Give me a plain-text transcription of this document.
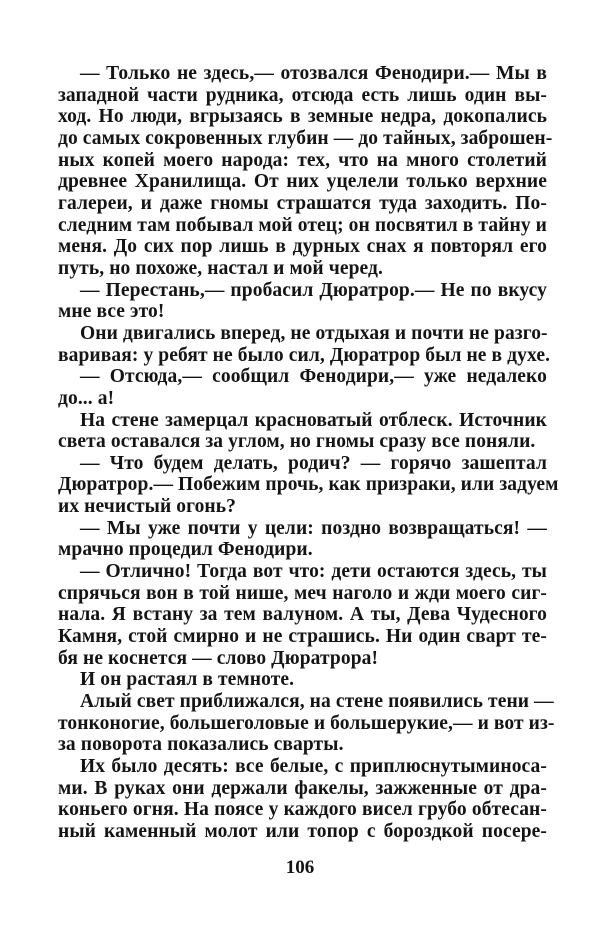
— Только не здесь,— отозвался Фенодири.— Мы в
западной части рудника, отсюда есть лишь один вы-
ход. Но люди, вгрызаясь в земные недра, докопались
до самых сокровенных глубин — до тайных, заброшен-
ных копей моего народа: тех, что на много столетий
древнее Хранилища. От них уцелели только верхние
галереи, и даже гномы страшатся туда заходить. По-
следним там побывал мой отец; он посвятил в тайну и
меня. До сих пор лишь в дурных снах я повторял его
путь, но похоже, настал и мой черед.
— Перестань,— пробасил Дюратрор.— Не по вкусу
мне все это!
Они двигались вперед, не отдыхая и почти не разго-
варивая: у ребят не было сил, Дюратрор был не в духе.
— Отсюда,— сообщил Фенодири,— уже недалеко
до... а!
На стене замерцал красноватый отблеск. Источник
света оставался за углом, но гномы сразу все поняли.
— Что будем делать, родич? — горячо зашептал
Дюратрор.— Побежим прочь, как призраки, или задуем
их нечистый огонь?
— Мы уже почти у цели: поздно возвращаться! —
мрачно процедил Фенодири.
— Отлично! Тогда вот что: дети остаются здесь, ты
спрячься вон в той нише, меч наголо и жди моего сиг-
нала. Я встану за тем валуном. А ты, Дева Чудесного
Камня, стой смирно и не страшись. Ни один сварт те-
бя не коснется — слово Дюратрора!
И он растаял в темноте.
Алый свет приближался, на стене появились тени —
тонконогие, большеголовые и большерукие,— и вот из-
за поворота показались сварты.
Их было десять: все белые, с приплюснутыминоса-
ми. В руках они держали факелы, зажженные от дра-
коньего огня. На поясе у каждого висел грубо обтесан-
ный каменный молот или топор с бороздкой посере-
106
